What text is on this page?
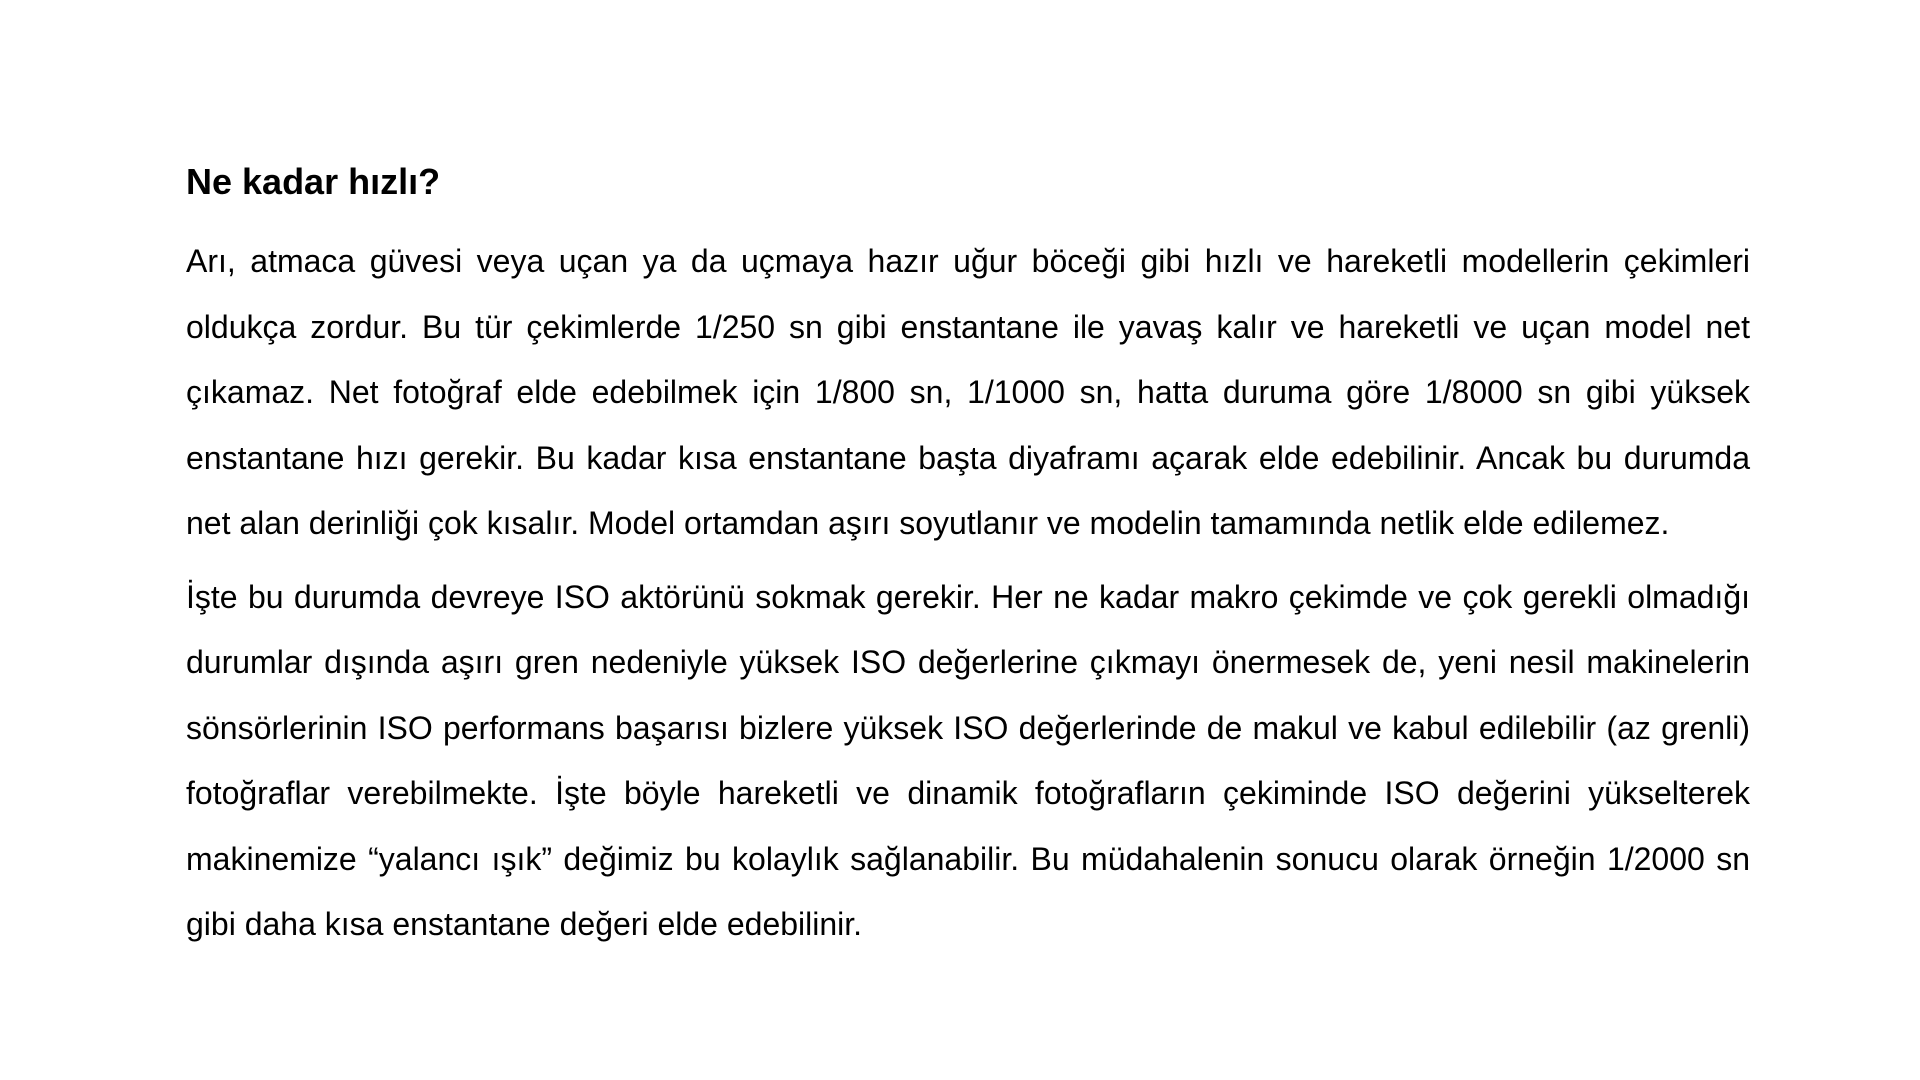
Ne kadar hızlı?

Arı, atmaca güvesi veya uçan ya da uçmaya hazır uğur böceği gibi hızlı ve hareketli modellerin çekimleri oldukça zordur. Bu tür çekimlerde 1/250 sn gibi enstantane ile yavaş kalır ve hareketli ve uçan model net çıkamaz. Net fotoğraf elde edebilmek için 1/800 sn, 1/1000 sn, hatta duruma göre 1/8000 sn gibi yüksek enstantane hızı gerekir. Bu kadar kısa enstantane başta diyaframı açarak elde edebilinir. Ancak bu durumda net alan derinliği çok kısalır. Model ortamdan aşırı soyutlanır ve modelin tamamında netlik elde edilemez.

İşte bu durumda devreye ISO aktörünü sokmak gerekir. Her ne kadar makro çekimde ve çok gerekli olmadığı durumlar dışında aşırı gren nedeniyle yüksek ISO değerlerine çıkmayı önermesek de, yeni nesil makinelerin sönsörlerinin ISO performans başarısı bizlere yüksek ISO değerlerinde de makul ve kabul edilebilir (az grenli) fotoğraflar verebilmekte. İşte böyle hareketli ve dinamik fotoğrafların çekiminde ISO değerini yükselterek makinemize “yalancı ışık” değimiz bu kolaylık sağlanabilir. Bu müdahalenin sonucu olarak örneğin 1/2000 sn gibi daha kısa enstantane değeri elde edebilinir.
